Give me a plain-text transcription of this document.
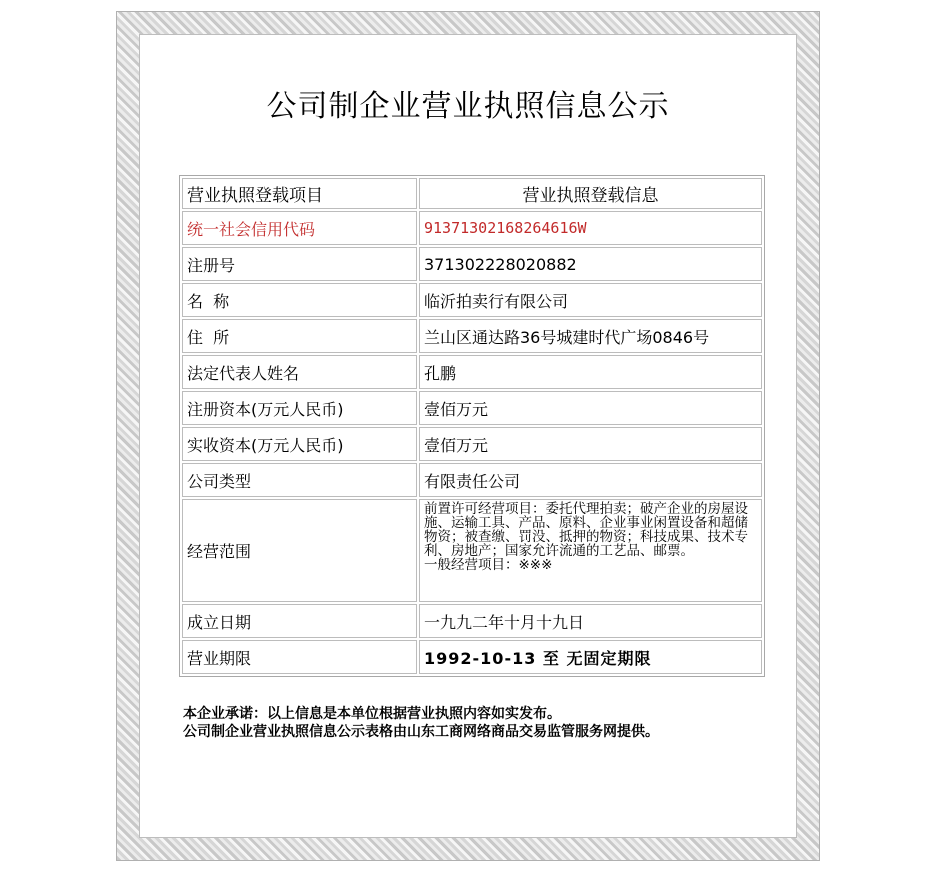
公司制企业营业执照信息公示
营业执照登载项目	营业执照登载信息
统一社会信用代码	91371302168264616W
注册号	371302228020882
名  称	临沂拍卖行有限公司
住  所	兰山区通达路36号城建时代广场0846号
法定代表人姓名	孔鹏
注册资本(万元人民币)	壹佰万元
实收资本(万元人民币)	壹佰万元
公司类型	有限责任公司
经营范围	前置许可经营项目：委托代理拍卖；破产企业的房屋设施、运输工具、产品、原料、企业事业闲置设备和超储物资；被查缴、罚没、抵押的物资；科技成果、技术专利、房地产；国家允许流通的工艺品、邮票。
一般经营项目：※※※

成立日期	一九九二年十月十九日
营业期限	1992-10-13 至 无固定期限
本企业承诺：以上信息是本单位根据营业执照内容如实发布。
公司制企业营业执照信息公示表格由山东工商网络商品交易监管服务网提供。
